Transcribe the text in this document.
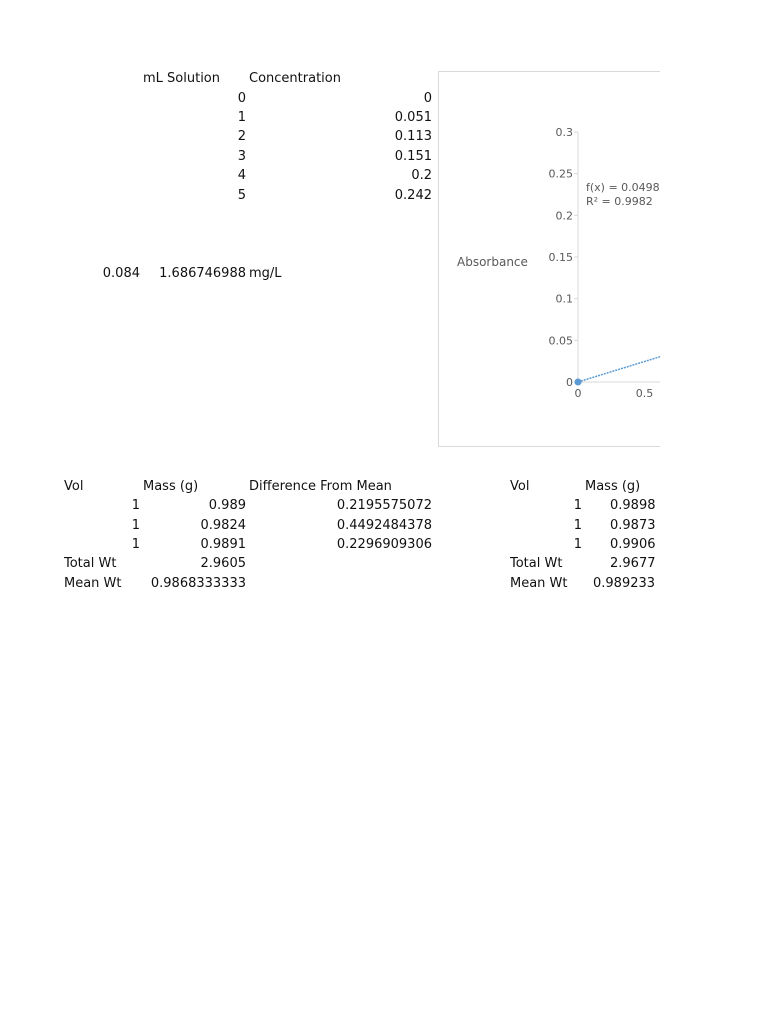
mL Solution Concentration
0	0
1	0.051
2	0.113
3	0.151
4	0.2
5	0.242
0.084	1.686746988 mg/L
0
0.05
0.1
0.15
0.2
0.25
0.3
0	0.5
Absorbance
f(x) = 0.0498
R² = 0.9982
Vol	Mass (g)	Difference From Mean
1	0.989	0.2195575072
1	0.9824	0.4492484378
1	0.9891	0.2296909306
Total Wt	2.9605
Mean Wt	0.9868333333
Vol	Mass (g)
1 0.9898
1 0.9873
1 0.9906
Total Wt	2.9677
Mean Wt 0.989233
